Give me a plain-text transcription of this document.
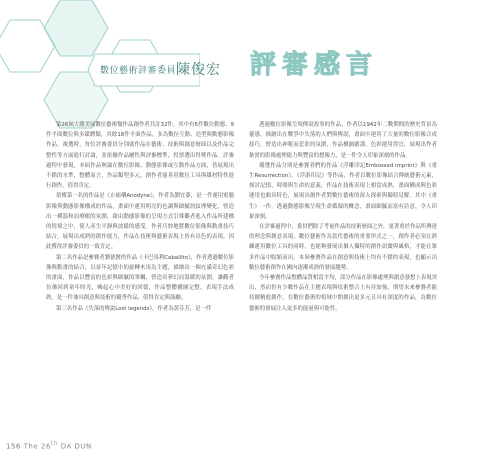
數位藝術評審委員 陳俊宏 評審感言

第26屆大墩美展數位藝術類作品創作者共計32件，其中有5件數位動態、9件平面數位與多媒體類，其餘18件平面作品，多為數位互動、造型與動態影像作品。複選時，每位評審委員分別就作品在藝術、技術與創意層面以及作品完整性等方面進行討論，並依據作品屬性與評審標準，投票選出得獎作品。評審過程中發現，本屆作品無論在數位影像、動態影像或互動作品方面，皆展現出不錯的水準，整體而言，作品類型多元，創作者能善用數位工具與媒材特性進行創作，值得肯定。

榮獲第一名的作品是《止痛藥Anodyne》，作者為劉宜蓁，是一件運用電腦影像與動態影像構成的作品，畫面中運用明亮的色調與細膩的紋理變化，營造出一種溫和而療癒的氛圍，藉由動態影像的呈現方式引導觀者進入作品所建構的情境之中，使人產生平靜與放鬆的感受。作者巧妙地將數位影像與動畫技巧結合，展現出成熟的創作能力，作品在技術與藝術表現上皆有出色的表現，因此獲得評審委員的一致肯定。

第二名作品是參賽者劉德賢的作品《卡巴馬利Caballito》，作者透過數位影像與動畫的結合，以童年記憶中的旋轉木馬為主題，描繪出一個充滿奇幻色彩的畫面，作品以豐富的色彩與細膩的筆觸，營造出夢幻而溫暖的氛圍，讓觀者彷彿回到童年時光，喚起心中美好的回憶，作品整體構圖完整，表現手法成熟，是一件兼具創意與技術的優秀作品，值得肯定與鼓勵。

第三名作品《失落的傳說Lost legends》，作者為黃芬芳，是一件

透過數位影像呈現傳說故事的作品，作者以1942年二戰期間的歷史背景為靈感，描繪出在戰爭中失落的人們與傳說，畫面中運用了大量的數位影像合成技巧，營造出神秘而悲壯的氛圍，作品構圖嚴謹，色彩運用得宜，展現出作者紮實的影像處理能力與豐富的想像力，是一件令人印象深刻的作品。

優選作品分別是參賽者們的作品《浮雕印記Embossed imprint》與《重生Resurrection》、《浮游印記》等作品，作者以數位影像結合傳統藝術元素，探討記憶、時間與生命的意義，作品在技術表現上相當成熟，畫面構成與色彩運用也頗具特色，展現出創作者對數位藝術的深入探索與獨特見解。其中《重生》一作，透過動態影像呈現生命循環的概念，畫面細膩而富有詩意，令人印象深刻。

在評審過程中，委員們除了考量作品的技術層面之外，更著重於作品所傳達的理念與創意表現。數位藝術作為當代藝術的重要形式之一，創作者必須在熟練運用數位工具的同時，也能夠發展出個人獨特的創作語彙與風格，才能在眾多作品中脫穎而出。本屆參賽作品在創意與技術上均有不錯的表現，也顯示出數位藝術創作在國內逐漸成熟的發展趨勢。

今年參賽作品整體品質相當平均，部分作品在影像處理與創意發想上表現突出，然而仍有少數作品在主題表現與技術整合上有待加強，期望未來參賽者能持續精進創作，在數位藝術的領域中開創出更多元且具有深度的作品，為數位藝術的發展注入更多的能量與可能性。

156 The 26th DA DUN
